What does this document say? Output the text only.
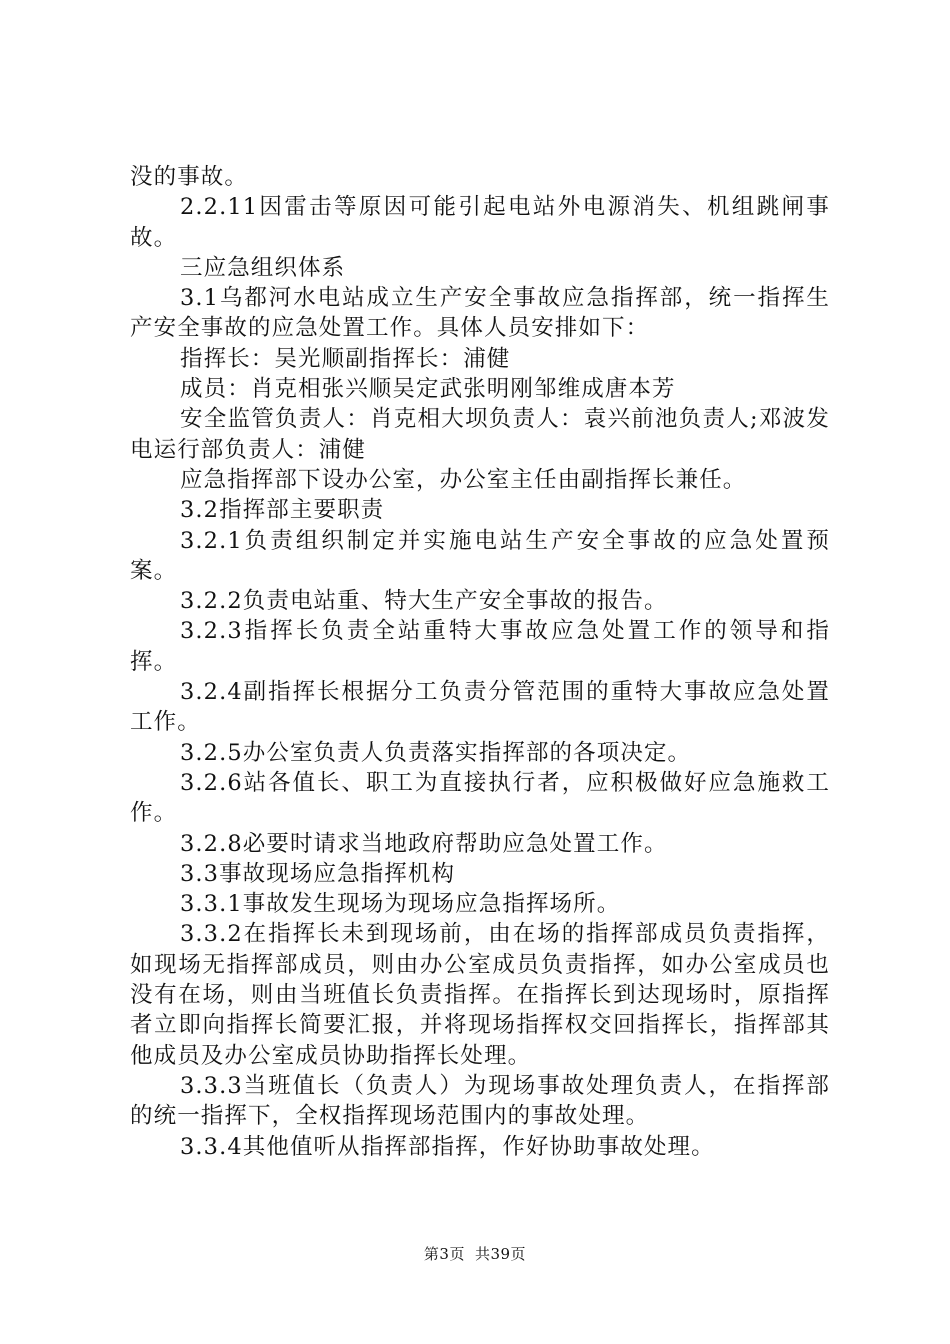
没的事故。

2.2.11因雷击等原因可能引起电站外电源消失、机组跳闸事故。

三应急组织体系

3.1乌都河水电站成立生产安全事故应急指挥部，统一指挥生产安全事故的应急处置工作。具体人员安排如下：

指挥长：吴光顺副指挥长：浦健

成员：肖克相张兴顺吴定武张明刚邹维成唐本芳

安全监管负责人：肖克相大坝负责人：袁兴前池负责人;邓波发电运行部负责人：浦健

应急指挥部下设办公室，办公室主任由副指挥长兼任。

3.2指挥部主要职责

3.2.1负责组织制定并实施电站生产安全事故的应急处置预案。

3.2.2负责电站重、特大生产安全事故的报告。

3.2.3指挥长负责全站重特大事故应急处置工作的领导和指挥。

3.2.4副指挥长根据分工负责分管范围的重特大事故应急处置工作。

3.2.5办公室负责人负责落实指挥部的各项决定。

3.2.6站各值长、职工为直接执行者，应积极做好应急施救工作。

3.2.8必要时请求当地政府帮助应急处置工作。

3.3事故现场应急指挥机构

3.3.1事故发生现场为现场应急指挥场所。

3.3.2在指挥长未到现场前，由在场的指挥部成员负责指挥，如现场无指挥部成员，则由办公室成员负责指挥，如办公室成员也没有在场，则由当班值长负责指挥。在指挥长到达现场时，原指挥者立即向指挥长简要汇报，并将现场指挥权交回指挥长，指挥部其他成员及办公室成员协助指挥长处理。

3.3.3当班值长（负责人）为现场事故处理负责人，在指挥部的统一指挥下，全权指挥现场范围内的事故处理。

3.3.4其他值听从指挥部指挥，作好协助事故处理。

第3页 共39页
